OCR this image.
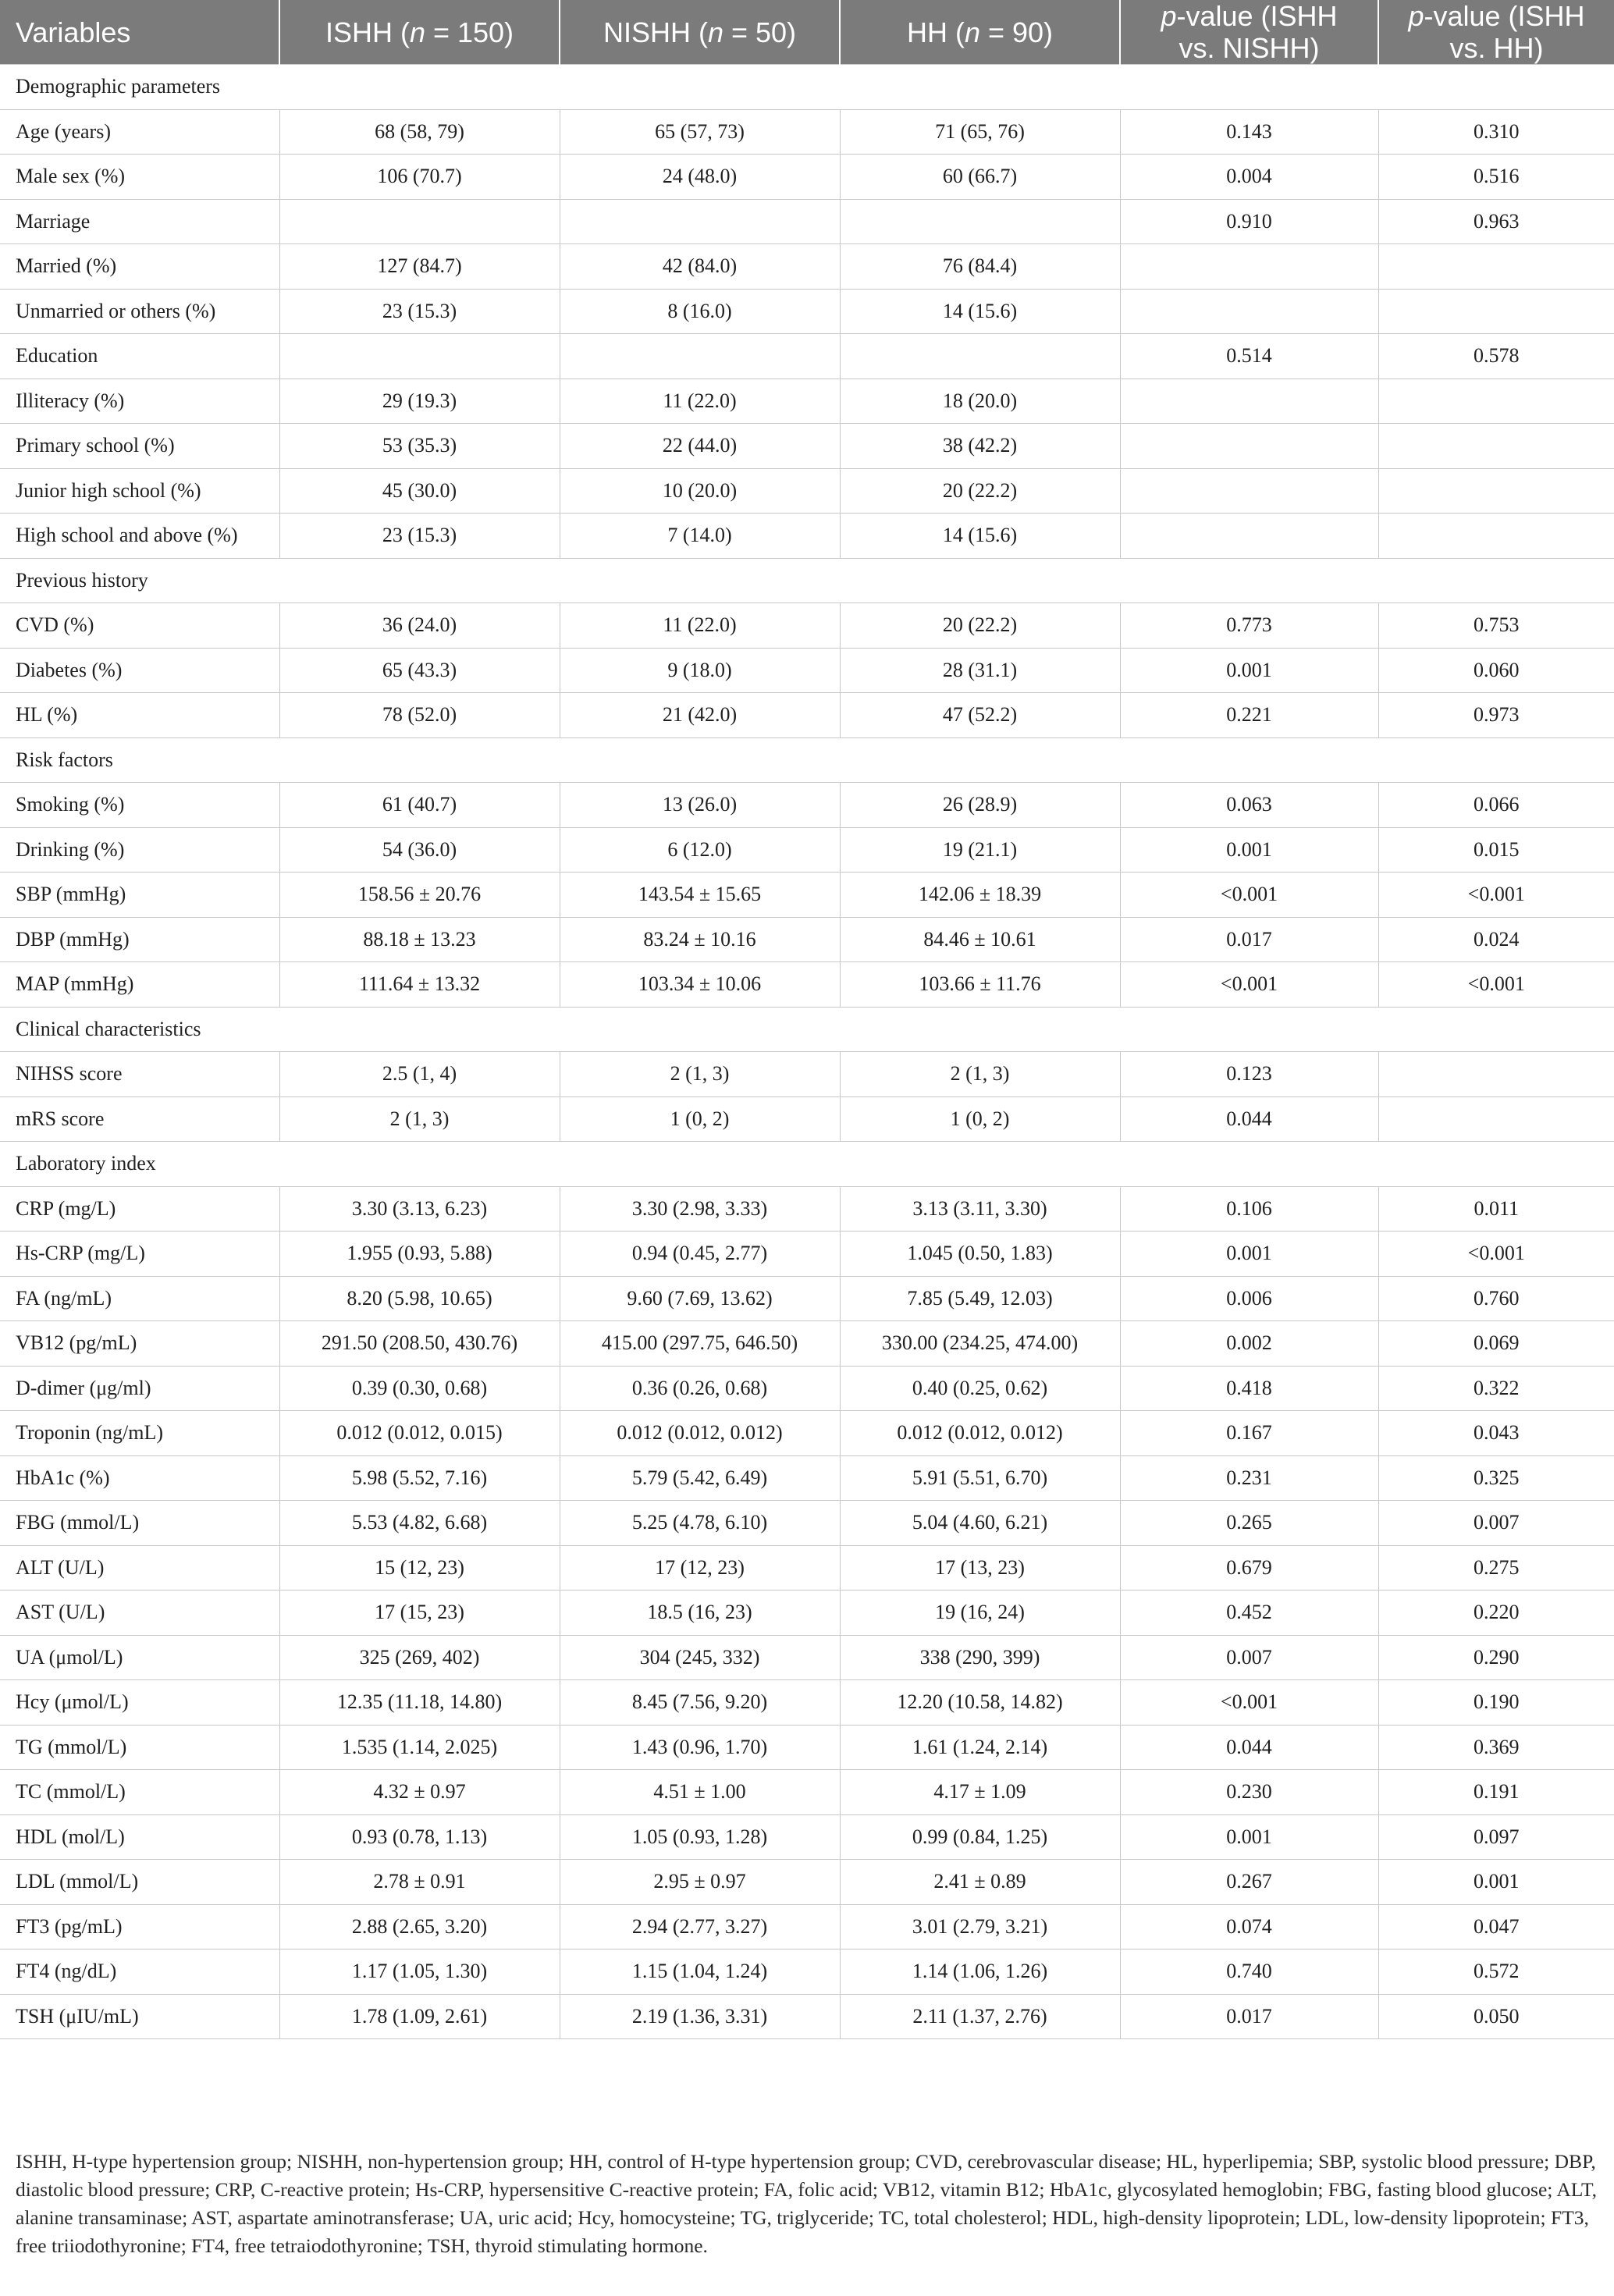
Variables	ISHH (n = 150)	NISHH (n = 50)	HH (n = 90)	p-value (ISHH
vs. NISHH)	p-value (ISHH
vs. HH)
Demographic parameters					
Age (years)	68 (58, 79)	65 (57, 73)	71 (65, 76)	0.143	0.310
Male sex (%)	106 (70.7)	24 (48.0)	60 (66.7)	0.004	0.516
Marriage				0.910	0.963
Married (%)	127 (84.7)	42 (84.0)	76 (84.4)		
Unmarried or others (%)	23 (15.3)	8 (16.0)	14 (15.6)		
Education				0.514	0.578
Illiteracy (%)	29 (19.3)	11 (22.0)	18 (20.0)		
Primary school (%)	53 (35.3)	22 (44.0)	38 (42.2)		
Junior high school (%)	45 (30.0)	10 (20.0)	20 (22.2)		
High school and above (%)	23 (15.3)	7 (14.0)	14 (15.6)		
Previous history					
CVD (%)	36 (24.0)	11 (22.0)	20 (22.2)	0.773	0.753
Diabetes (%)	65 (43.3)	9 (18.0)	28 (31.1)	0.001	0.060
HL (%)	78 (52.0)	21 (42.0)	47 (52.2)	0.221	0.973
Risk factors					
Smoking (%)	61 (40.7)	13 (26.0)	26 (28.9)	0.063	0.066
Drinking (%)	54 (36.0)	6 (12.0)	19 (21.1)	0.001	0.015
SBP (mmHg)	158.56 ± 20.76	143.54 ± 15.65	142.06 ± 18.39	<0.001	<0.001
DBP (mmHg)	88.18 ± 13.23	83.24 ± 10.16	84.46 ± 10.61	0.017	0.024
MAP (mmHg)	111.64 ± 13.32	103.34 ± 10.06	103.66 ± 11.76	<0.001	<0.001
Clinical characteristics					
NIHSS score	2.5 (1, 4)	2 (1, 3)	2 (1, 3)	0.123	
mRS score	2 (1, 3)	1 (0, 2)	1 (0, 2)	0.044	
Laboratory index					
CRP (mg/L)	3.30 (3.13, 6.23)	3.30 (2.98, 3.33)	3.13 (3.11, 3.30)	0.106	0.011
Hs-CRP (mg/L)	1.955 (0.93, 5.88)	0.94 (0.45, 2.77)	1.045 (0.50, 1.83)	0.001	<0.001
FA (ng/mL)	8.20 (5.98, 10.65)	9.60 (7.69, 13.62)	7.85 (5.49, 12.03)	0.006	0.760
VB12 (pg/mL)	291.50 (208.50, 430.76)	415.00 (297.75, 646.50)	330.00 (234.25, 474.00)	0.002	0.069
D-dimer (μg/ml)	0.39 (0.30, 0.68)	0.36 (0.26, 0.68)	0.40 (0.25, 0.62)	0.418	0.322
Troponin (ng/mL)	0.012 (0.012, 0.015)	0.012 (0.012, 0.012)	0.012 (0.012, 0.012)	0.167	0.043
HbA1c (%)	5.98 (5.52, 7.16)	5.79 (5.42, 6.49)	5.91 (5.51, 6.70)	0.231	0.325
FBG (mmol/L)	5.53 (4.82, 6.68)	5.25 (4.78, 6.10)	5.04 (4.60, 6.21)	0.265	0.007
ALT (U/L)	15 (12, 23)	17 (12, 23)	17 (13, 23)	0.679	0.275
AST (U/L)	17 (15, 23)	18.5 (16, 23)	19 (16, 24)	0.452	0.220
UA (μmol/L)	325 (269, 402)	304 (245, 332)	338 (290, 399)	0.007	0.290
Hcy (μmol/L)	12.35 (11.18, 14.80)	8.45 (7.56, 9.20)	12.20 (10.58, 14.82)	<0.001	0.190
TG (mmol/L)	1.535 (1.14, 2.025)	1.43 (0.96, 1.70)	1.61 (1.24, 2.14)	0.044	0.369
TC (mmol/L)	4.32 ± 0.97	4.51 ± 1.00	4.17 ± 1.09	0.230	0.191
HDL (mol/L)	0.93 (0.78, 1.13)	1.05 (0.93, 1.28)	0.99 (0.84, 1.25)	0.001	0.097
LDL (mmol/L)	2.78 ± 0.91	2.95 ± 0.97	2.41 ± 0.89	0.267	0.001
FT3 (pg/mL)	2.88 (2.65, 3.20)	2.94 (2.77, 3.27)	3.01 (2.79, 3.21)	0.074	0.047
FT4 (ng/dL)	1.17 (1.05, 1.30)	1.15 (1.04, 1.24)	1.14 (1.06, 1.26)	0.740	0.572
TSH (μIU/mL)	1.78 (1.09, 2.61)	2.19 (1.36, 3.31)	2.11 (1.37, 2.76)	0.017	0.050

ISHH, H-type hypertension group; NISHH, non-hypertension group; HH, control of H-type hypertension group; CVD, cerebrovascular disease; HL, hyperlipemia; SBP, systolic blood pressure; DBP, diastolic blood pressure; CRP, C-reactive protein; Hs-CRP, hypersensitive C-reactive protein; FA, folic acid; VB12, vitamin B12; HbA1c, glycosylated hemoglobin; FBG, fasting blood glucose; ALT, alanine transaminase; AST, aspartate aminotransferase; UA, uric acid; Hcy, homocysteine; TG, triglyceride; TC, total cholesterol; HDL, high-density lipoprotein; LDL, low-density lipoprotein; FT3, free triiodothyronine; FT4, free tetraiodothyronine; TSH, thyroid stimulating hormone.
